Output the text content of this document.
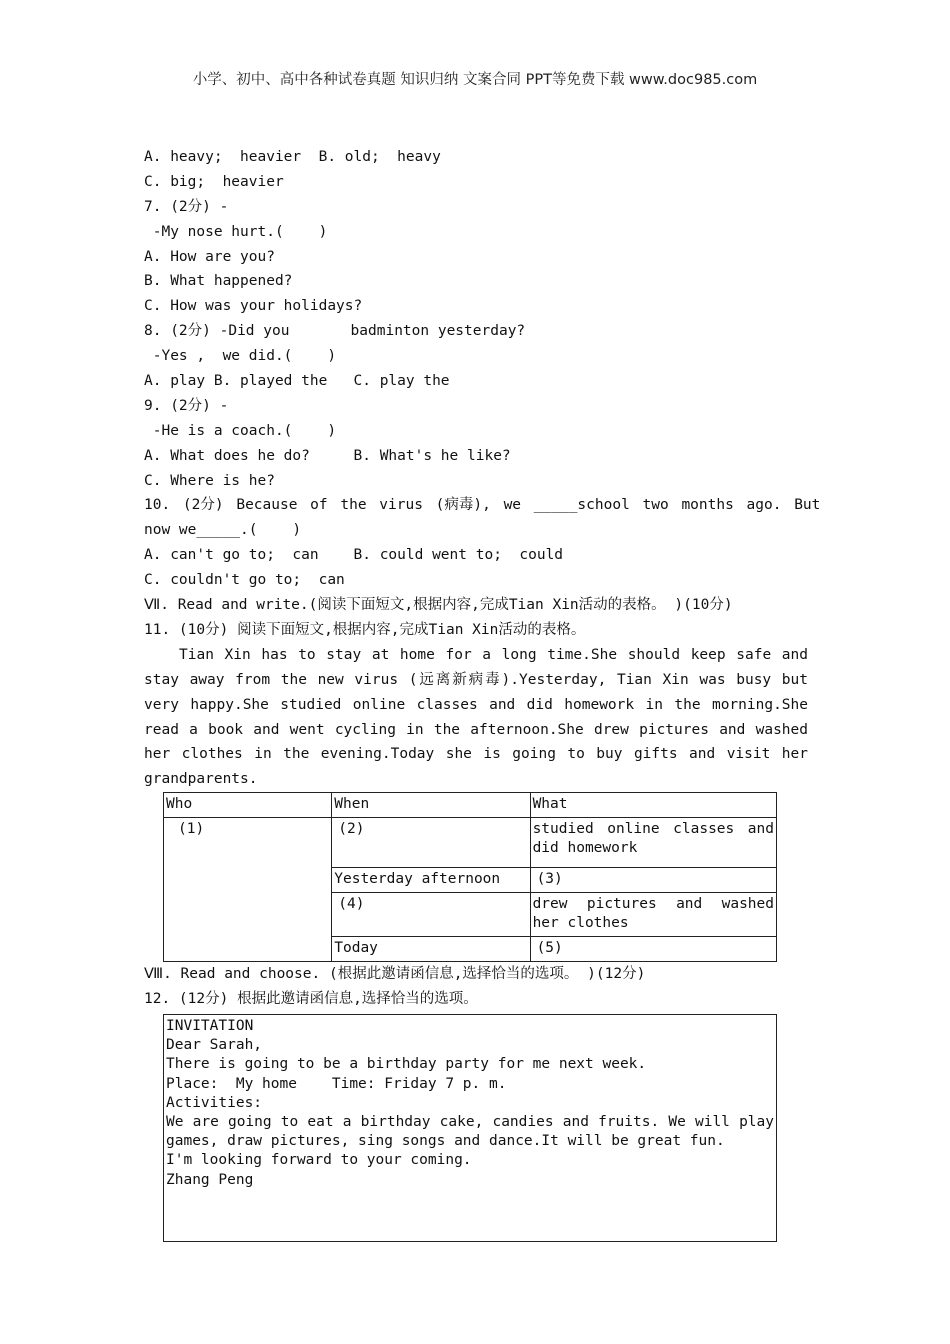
小学、初中、高中各种试卷真题 知识归纳 文案合同 PPT等免费下载 www.doc985.com
A. heavy;  heavier  B. old;  heavy
C. big;  heavier
7. (2分) -
-My nose hurt.(    )
A. How are you?
B. What happened?
C. How was your holidays?
8. (2分) -Did you       badminton yesterday?
-Yes ,  we did.(    )
A. play B. played the   C. play the
9. (2分) -
-He is a coach.(    )
A. What does he do?     B. What's he like?
C. Where is he?
10. (2分) Because of the virus (病毒), we _____school two months ago. But
now we_____.(    )
A. can't go to;  can    B. could went to;  could
C. couldn't go to;  can
Ⅶ. Read and write.(阅读下面短文,根据内容,完成Tian Xin活动的表格。 )(10分)
11. (10分) 阅读下面短文,根据内容,完成Tian Xin活动的表格。
Tian Xin has to stay at home for a long time.She should keep safe and stay away from the new virus (远离新病毒).Yesterday, Tian Xin was busy but very happy.She studied online classes and did homework in the morning.She read a book and went cycling in the afternoon.She drew pictures and washed her clothes in the evening.Today she is going to buy gifts and visit her grandparents.
Who	When	What
(1)	(2)	studied online classes and did homework
	Yesterday afternoon	(3)
	(4)	drew pictures and washed her clothes
	Today	(5)
Ⅷ. Read and choose. (根据此邀请函信息,选择恰当的选项。 )(12分)
12. (12分) 根据此邀请函信息,选择恰当的选项。
INVITATION
Dear Sarah,
There is going to be a birthday party for me next week.
Place:  My home    Time: Friday 7 p. m.
Activities:
We are going to eat a birthday cake, candies and fruits. We will play games, draw pictures, sing songs and dance.It will be great fun.
I'm looking forward to your coming.
Zhang Peng
